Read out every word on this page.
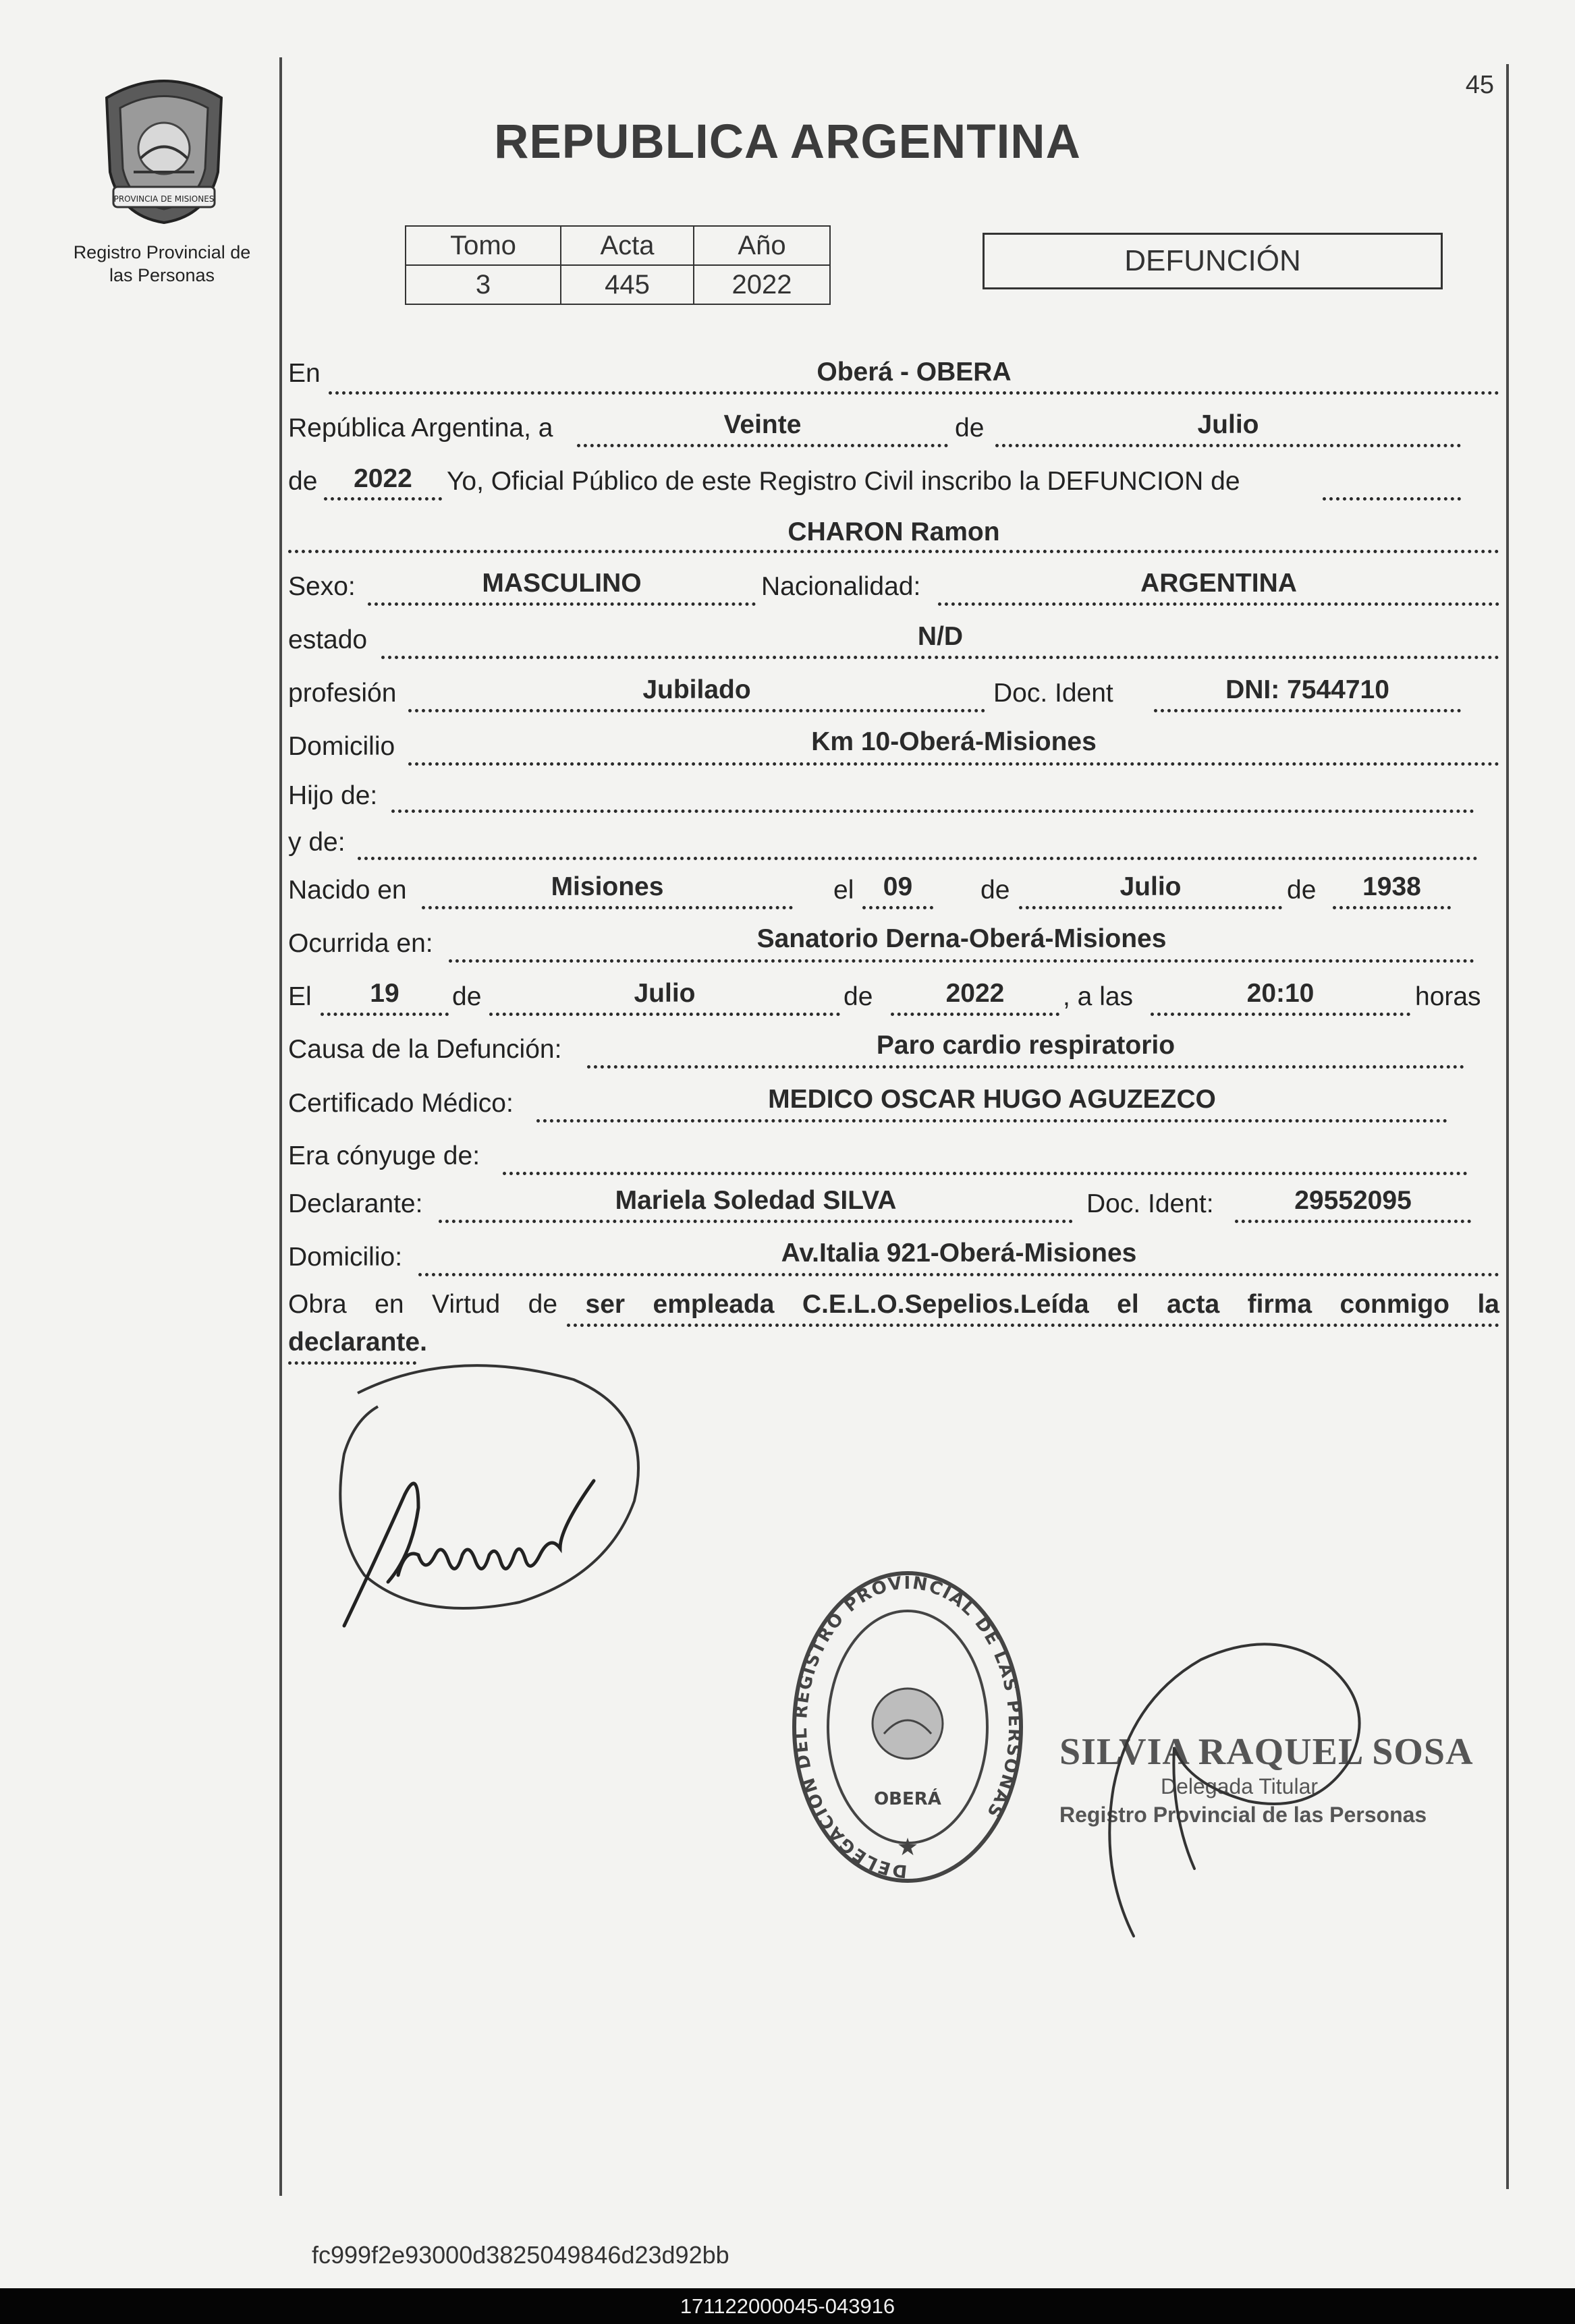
PROVINCIA DE MISIONES
Registro Provincial de
las Personas
45
REPUBLICA ARGENTINA
Tomo	Acta	Año
3	445	2022
DEFUNCIÓN
En	Oberá - OBERA
República Argentina, a	Veinte	de	Julio
de	2022	Yo, Oficial Público de este Registro Civil inscribo la DEFUNCION de
CHARON Ramon
Sexo:	MASCULINO	Nacionalidad:	ARGENTINA
estado	N/D
profesión	Jubilado	Doc. Ident	DNI: 7544710
Domicilio	Km 10-Oberá-Misiones
Hijo de:
y de:
Nacido en	Misiones	el	09	de	Julio	de	1938
Ocurrida en:	Sanatorio Derna-Oberá-Misiones
El	19	de	Julio	de	2022	, a las	20:10	horas
Causa de la Defunción:	Paro cardio respiratorio
Certificado Médico:	MEDICO OSCAR HUGO AGUZEZCO
Era cónyuge de:
Declarante:	Mariela Soledad SILVA	Doc. Ident:	29552095
Domicilio:	Av.Italia 921-Oberá-Misiones
Obra en Virtud de ser empleada C.E.L.O.Sepelios.Leída el acta firma conmigo la
declarante.
DELEGACION DEL REGISTRO PROVINCIAL DE LAS PERSONAS
OBERÁ
★
SILVIA RAQUEL SOSA
Delegada Titular
Registro Provincial de las Personas
fc999f2e93000d3825049846d23d92bb
171122000045-043916
